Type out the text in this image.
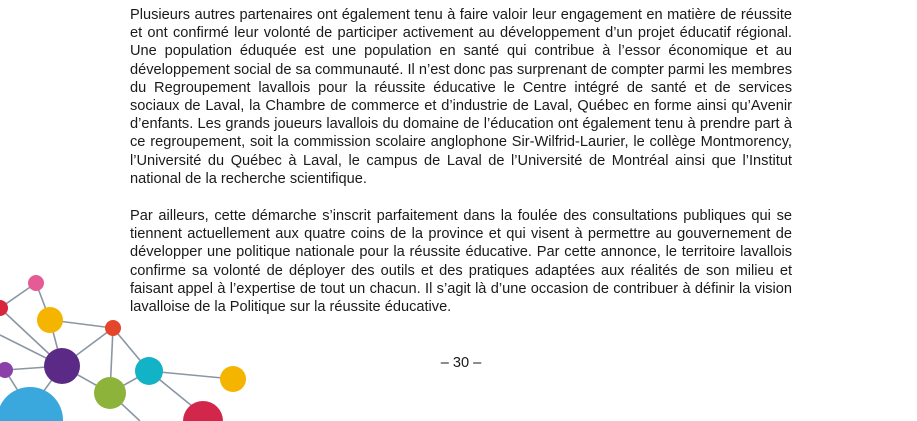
Plusieurs autres partenaires ont également tenu à faire valoir leur engagement en matière de réussite et ont confirmé leur volonté de participer activement au développement d’un projet éducatif régional. Une population éduquée est une population en santé qui contribue à l’essor économique et au développement social de sa communauté. Il n’est donc pas surprenant de compter parmi les membres du Regroupement lavallois pour la réussite éducative le Centre intégré de santé et de services sociaux de Laval, la Chambre de commerce et d’industrie de Laval, Québec en forme ainsi qu’Avenir d’enfants. Les grands joueurs lavallois du domaine de l’éducation ont également tenu à prendre part à ce regroupement, soit la commission scolaire anglophone Sir-Wilfrid-Laurier, le collège Montmorency, l’Université du Québec à Laval, le campus de Laval de l’Université de Montréal ainsi que l’Institut national de la recherche scientifique.

Par ailleurs, cette démarche s’inscrit parfaitement dans la foulée des consultations publiques qui se tiennent actuellement aux quatre coins de la province et qui visent à permettre au gouvernement de développer une politique nationale pour la réussite éducative. Par cette annonce, le territoire lavallois confirme sa volonté de déployer des outils et des pratiques adaptées aux réalités de son milieu et faisant appel à l’expertise de tout un chacun. Il s’agit là d’une occasion de contribuer à définir la vision lavalloise de la Politique sur la réussite éducative.

– 30 –
